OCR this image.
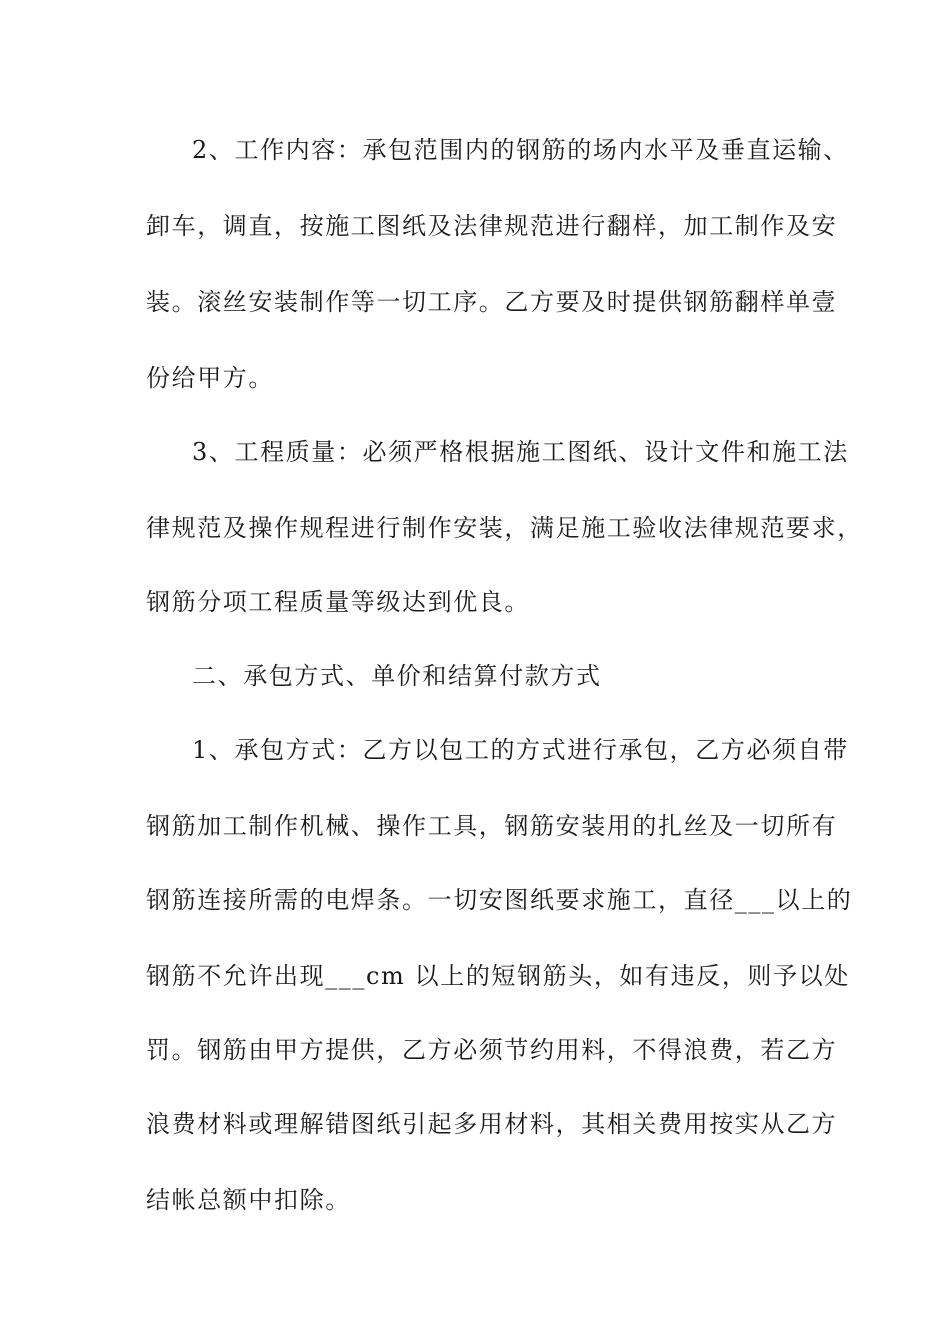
2、工作内容：承包范围内的钢筋的场内水平及垂直运输、
卸车，调直，按施工图纸及法律规范进行翻样，加工制作及安
装。滚丝安装制作等一切工序。乙方要及时提供钢筋翻样单壹
份给甲方。
3、工程质量：必须严格根据施工图纸、设计文件和施工法
律规范及操作规程进行制作安装，满足施工验收法律规范要求，
钢筋分项工程质量等级达到优良。
二、承包方式、单价和结算付款方式
1、承包方式：乙方以包工的方式进行承包，乙方必须自带
钢筋加工制作机械、操作工具，钢筋安装用的扎丝及一切所有
钢筋连接所需的电焊条。一切安图纸要求施工，直径___以上的
钢筋不允许出现___cm 以上的短钢筋头，如有违反，则予以处
罚。钢筋由甲方提供，乙方必须节约用料，不得浪费，若乙方
浪费材料或理解错图纸引起多用材料，其相关费用按实从乙方
结帐总额中扣除。
